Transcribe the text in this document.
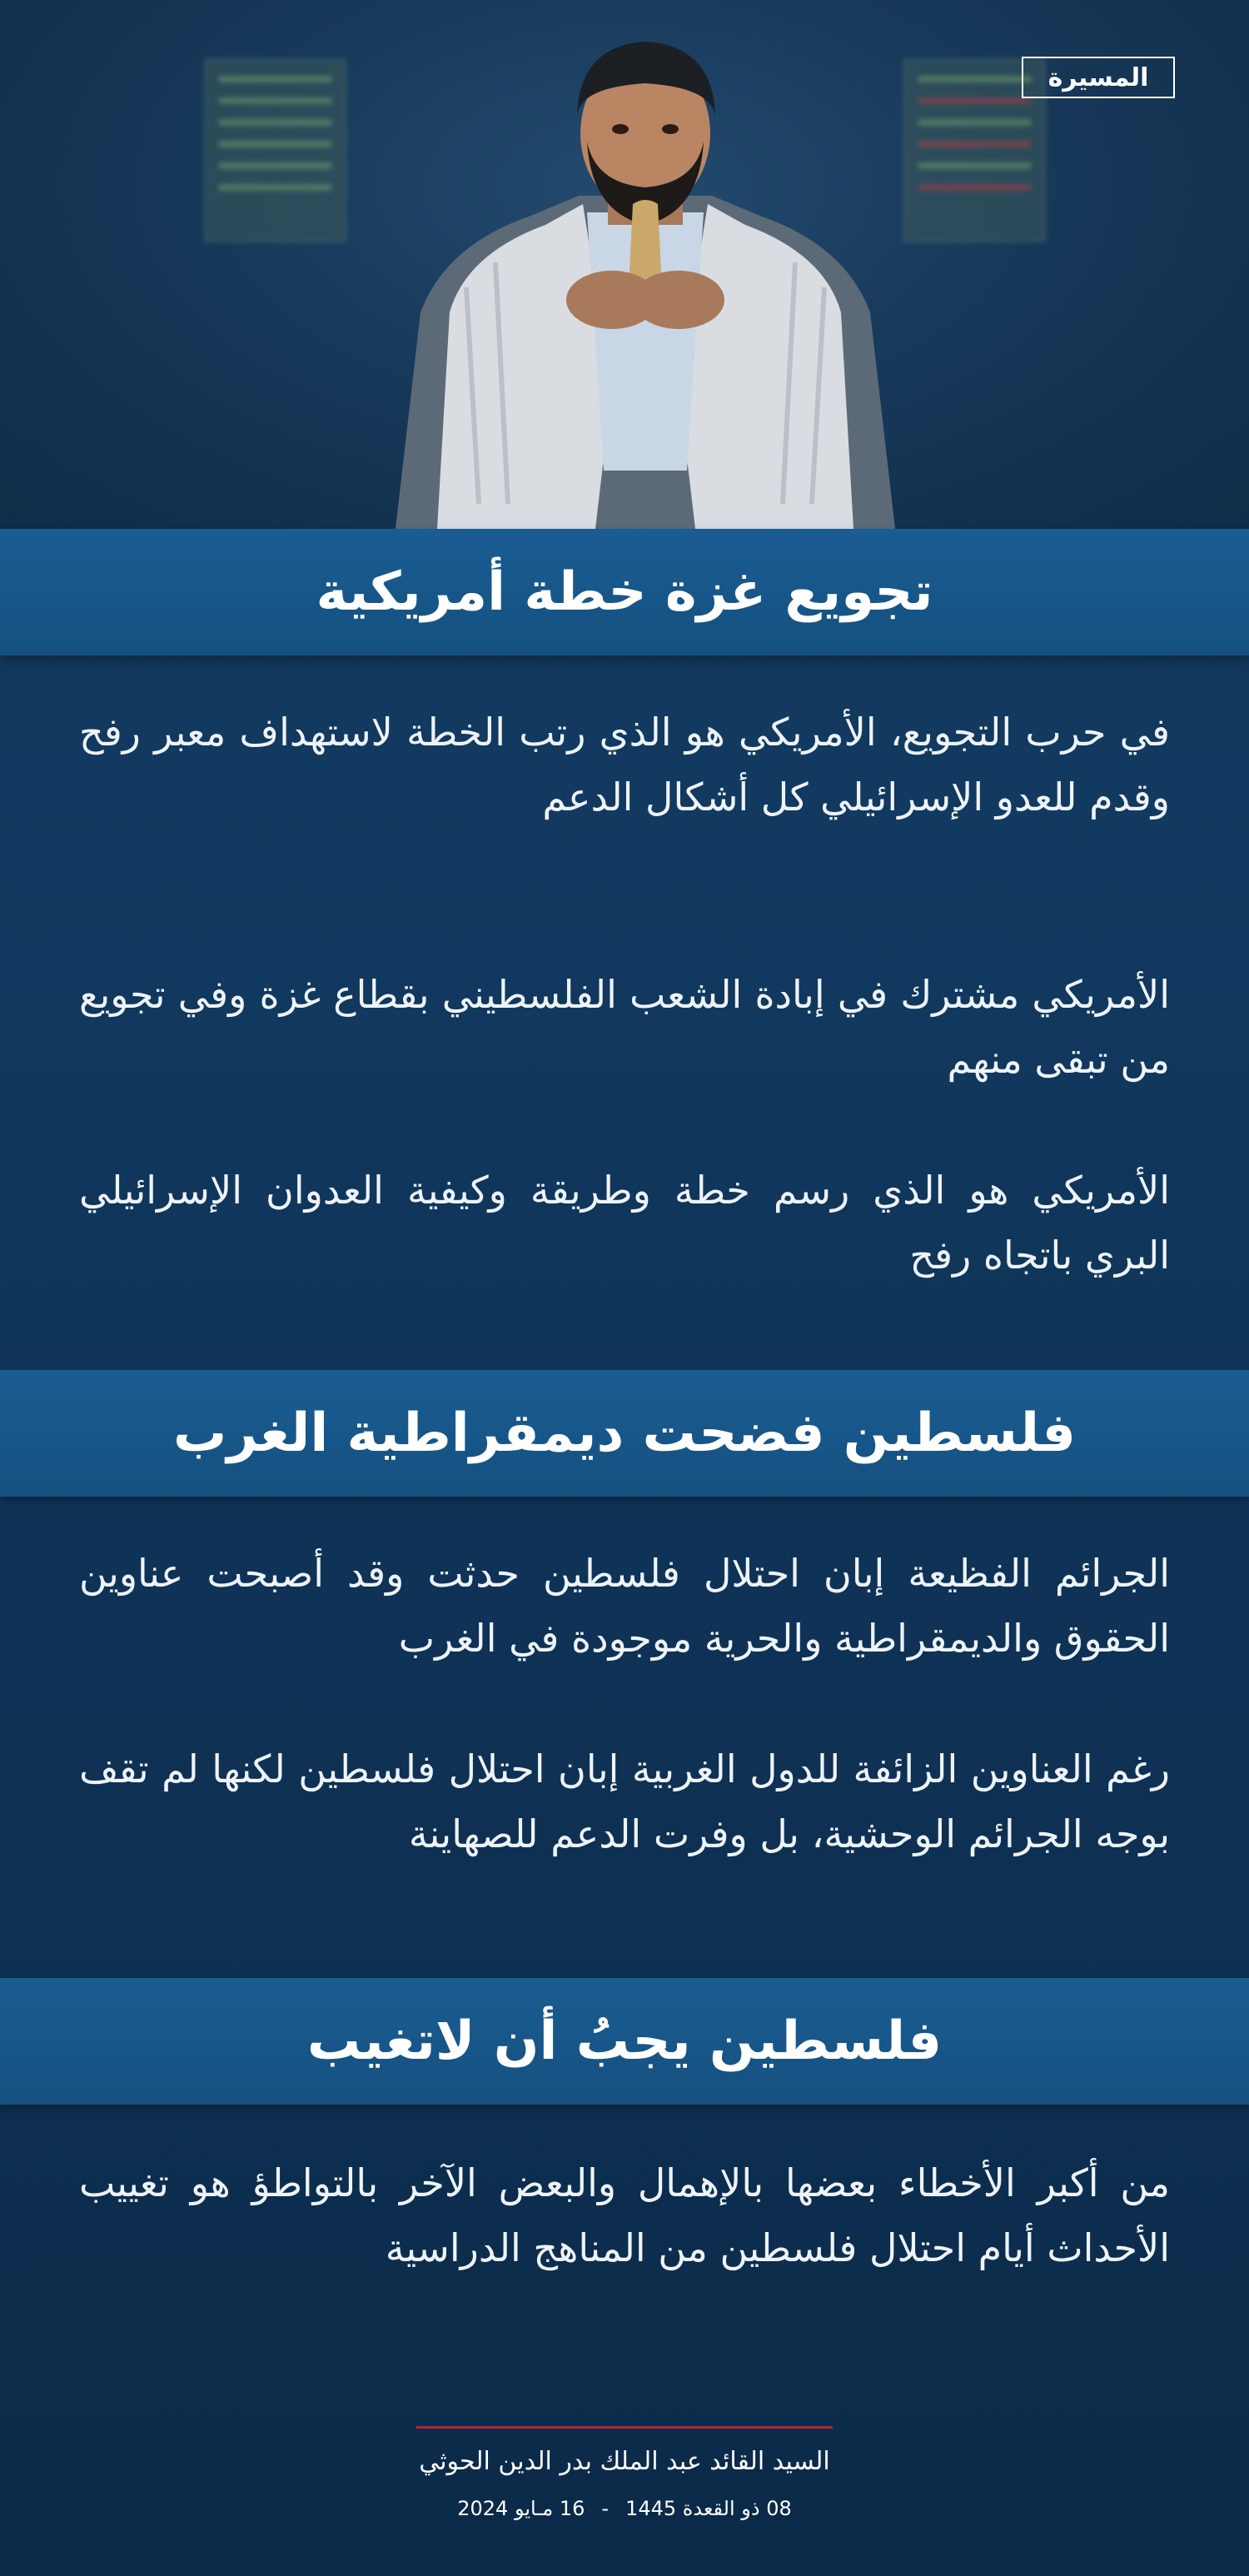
المسيرة
تجويع غزة خطة أمريكية

في حرب التجويع، الأمريكي هو الذي رتب الخطة لاستهداف معبر رفح وقدم للعدو الإسرائيلي كل أشكال الدعم

الأمريكي مشترك في إبادة الشعب الفلسطيني بقطاع غزة وفي تجويع من تبقى منهم

الأمريكي هو الذي رسم خطة وطريقة وكيفية العدوان الإسرائيلي البري باتجاه رفح

فلسطين فضحت ديمقراطية الغرب

الجرائم الفظيعة إبان احتلال فلسطين حدثت وقد أصبحت عناوين الحقوق والديمقراطية والحرية موجودة في الغرب

رغم العناوين الزائفة للدول الغربية إبان احتلال فلسطين لكنها لم تقف بوجه الجرائم الوحشية، بل وفرت الدعم للصهاينة

فلسطين يجبُ أن لاتغيب

من أكبر الأخطاء بعضها بالإهمال والبعض الآخر بالتواطؤ هو تغييب الأحداث أيام احتلال فلسطين من المناهج الدراسية

السيد القائد عبد الملك بدر الدين الحوثي
08 ذو القعدة 1445-16 مـايو 2024
